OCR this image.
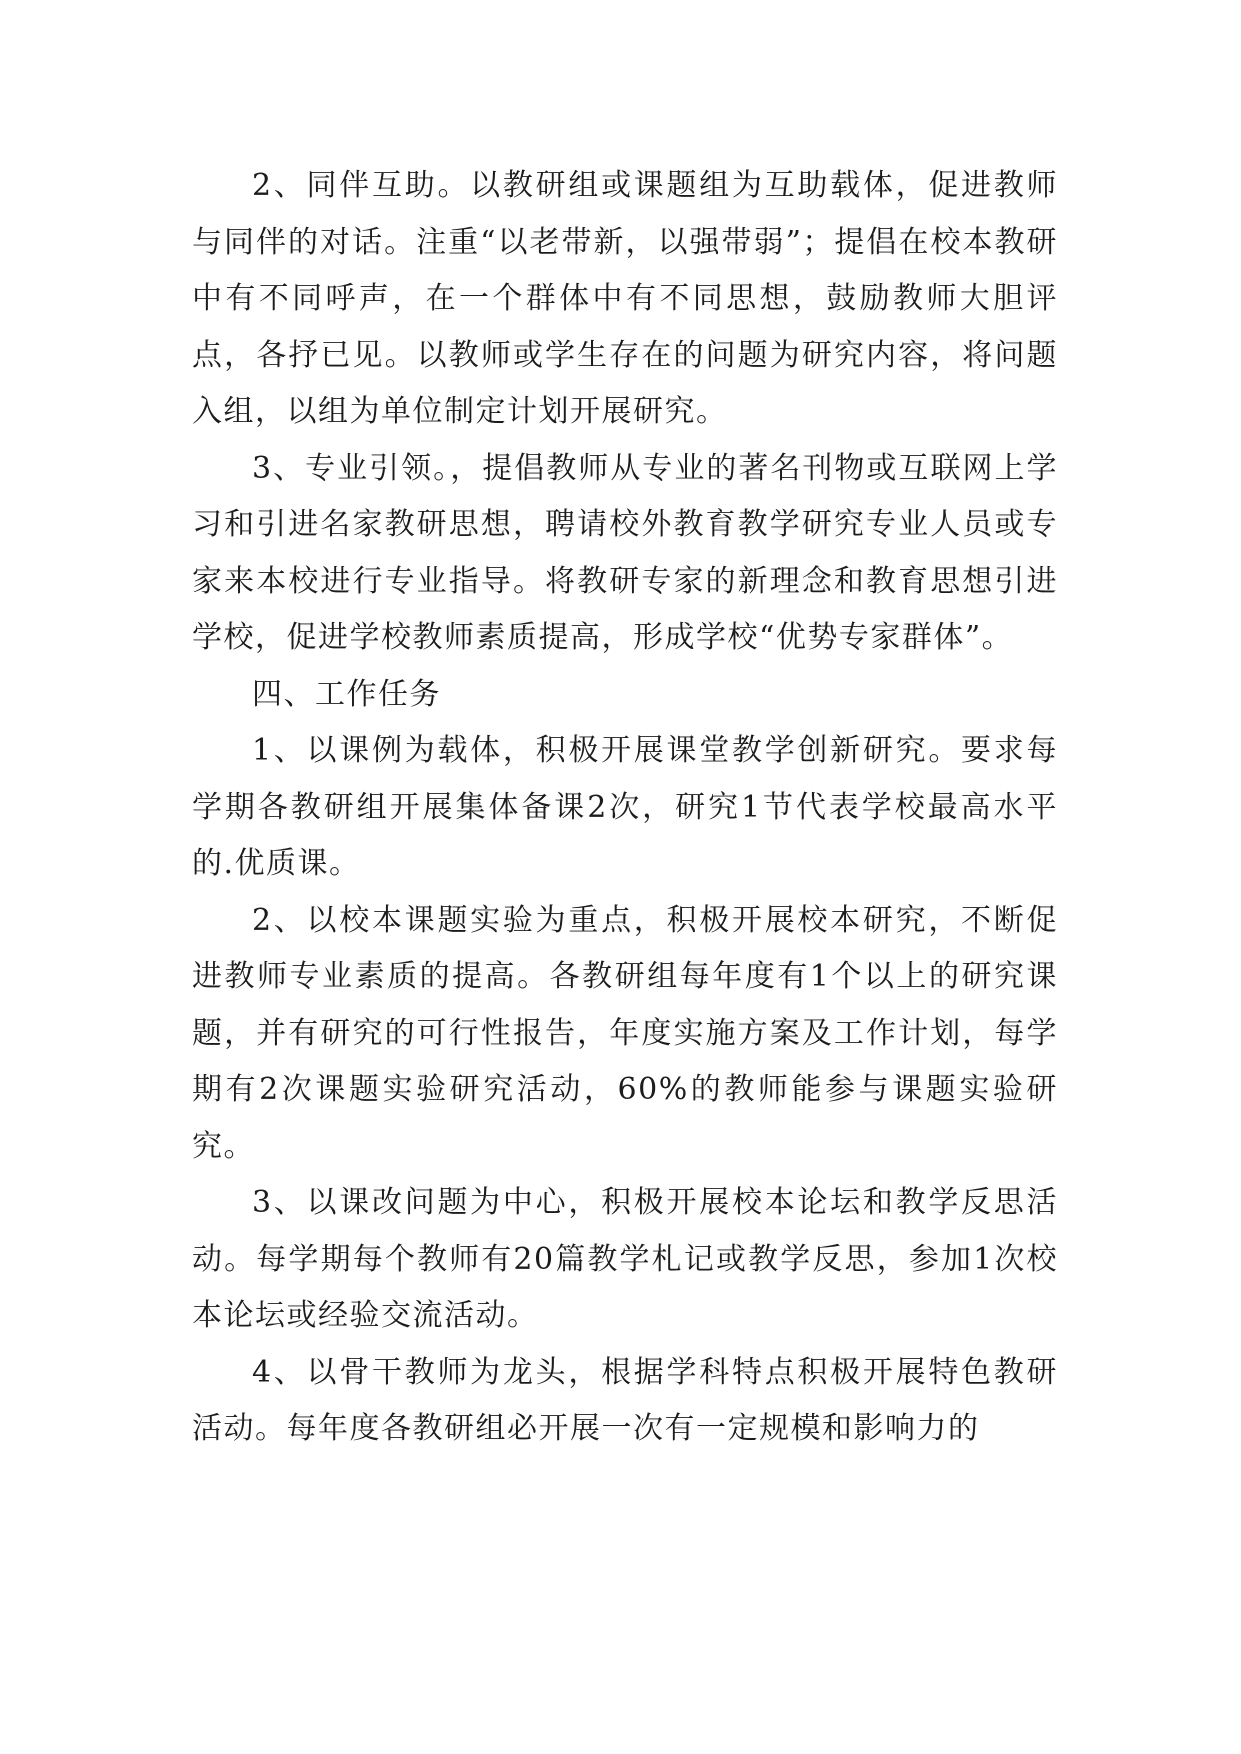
2、同伴互助。以教研组或课题组为互助载体，促进教师与同伴的对话。注重“以老带新，以强带弱”；提倡在校本教研中有不同呼声，在一个群体中有不同思想，鼓励教师大胆评点，各抒已见。以教师或学生存在的问题为研究内容，将问题入组，以组为单位制定计划开展研究。

3、专业引领。，提倡教师从专业的著名刊物或互联网上学习和引进名家教研思想，聘请校外教育教学研究专业人员或专家来本校进行专业指导。将教研专家的新理念和教育思想引进学校，促进学校教师素质提高，形成学校“优势专家群体”。

四、工作任务

1、以课例为载体，积极开展课堂教学创新研究。要求每学期各教研组开展集体备课2次，研究1节代表学校最高水平的.优质课。

2、以校本课题实验为重点，积极开展校本研究，不断促进教师专业素质的提高。各教研组每年度有1个以上的研究课题，并有研究的可行性报告，年度实施方案及工作计划，每学期有2次课题实验研究活动，60%的教师能参与课题实验研究。

3、以课改问题为中心，积极开展校本论坛和教学反思活动。每学期每个教师有20篇教学札记或教学反思，参加1次校本论坛或经验交流活动。

4、以骨干教师为龙头，根据学科特点积极开展特色教研活动。每年度各教研组必开展一次有一定规模和影响力的
